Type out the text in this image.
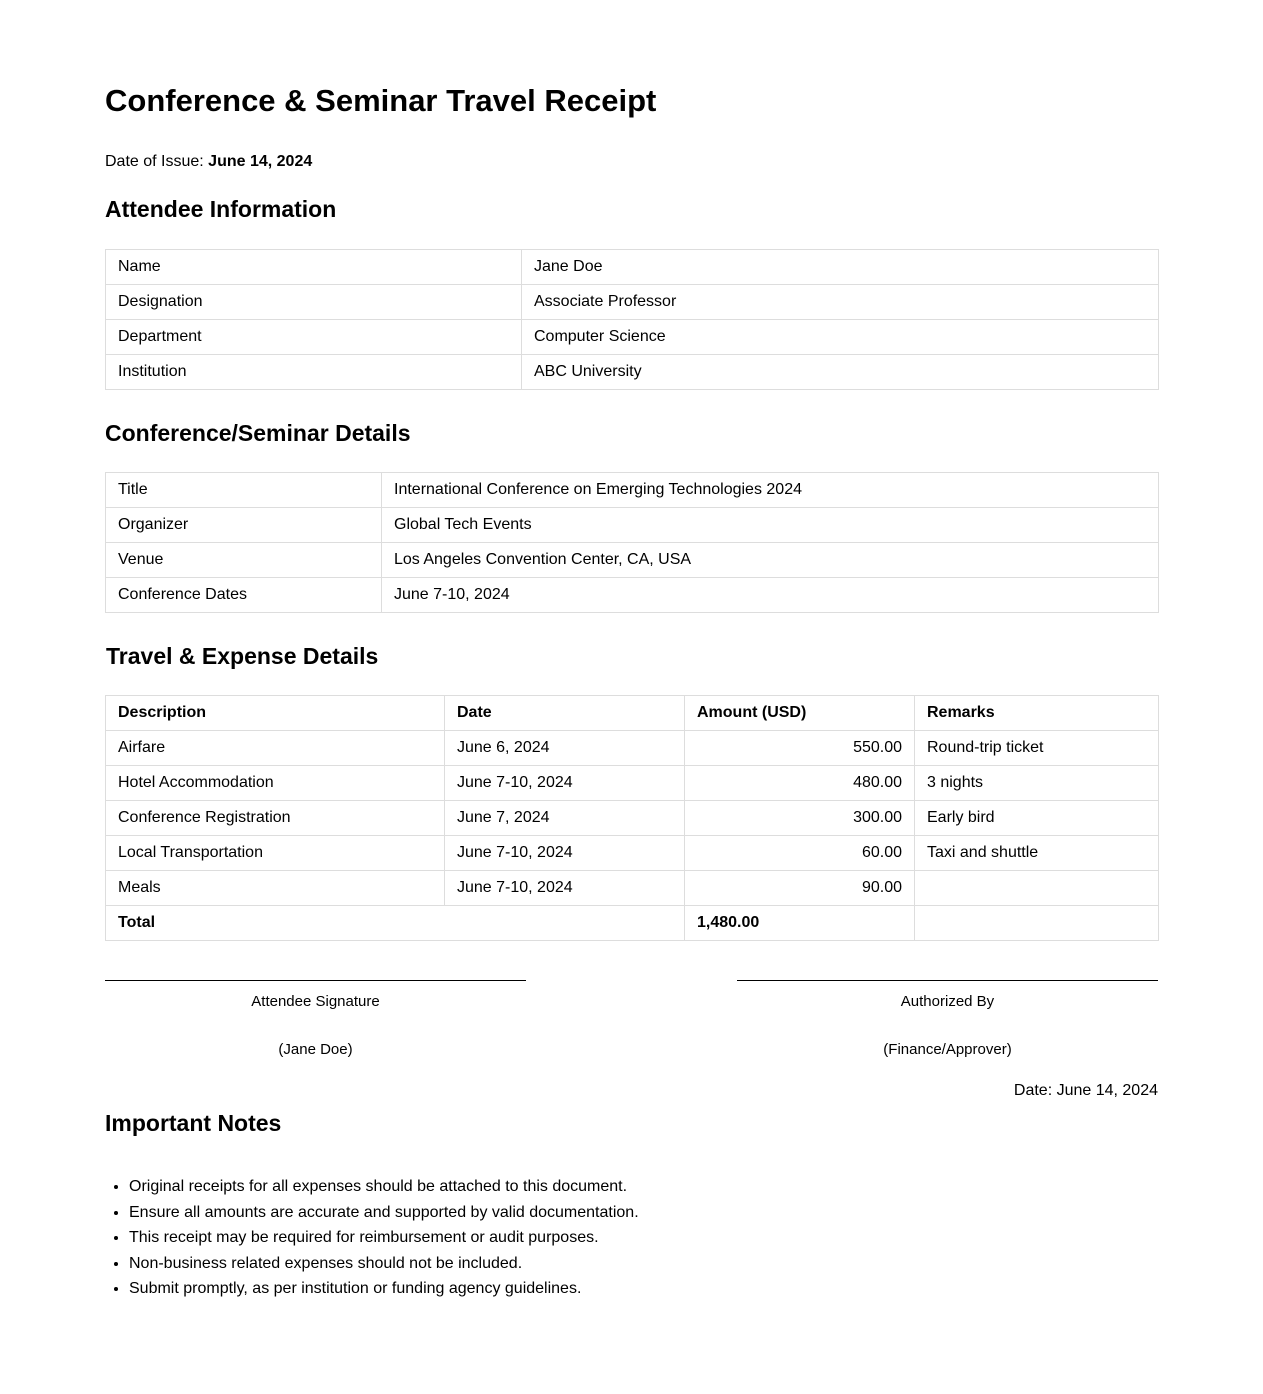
Conference & Seminar Travel Receipt

Date of Issue: June 14, 2024

Attendee Information
Name	Jane Doe
Designation	Associate Professor
Department	Computer Science
Institution	ABC University
Conference/Seminar Details
Title	International Conference on Emerging Technologies 2024
Organizer	Global Tech Events
Venue	Los Angeles Convention Center, CA, USA
Conference Dates	June 7-10, 2024
Travel & Expense Details
Description	Date	Amount (USD)	Remarks
Airfare	June 6, 2024	550.00	Round-trip ticket
Hotel Accommodation	June 7-10, 2024	480.00	3 nights
Conference Registration	June 7, 2024	300.00	Early bird
Local Transportation	June 7-10, 2024	60.00	Taxi and shuttle
Meals	June 7-10, 2024	90.00	
Total		1,480.00	
Attendee Signature
(Jane Doe)
Authorized By
(Finance/Approver)
Date: June 14, 2024
Important Notes
• Original receipts for all expenses should be attached to this document.
• Ensure all amounts are accurate and supported by valid documentation.
• This receipt may be required for reimbursement or audit purposes.
• Non-business related expenses should not be included.
• Submit promptly, as per institution or funding agency guidelines.
